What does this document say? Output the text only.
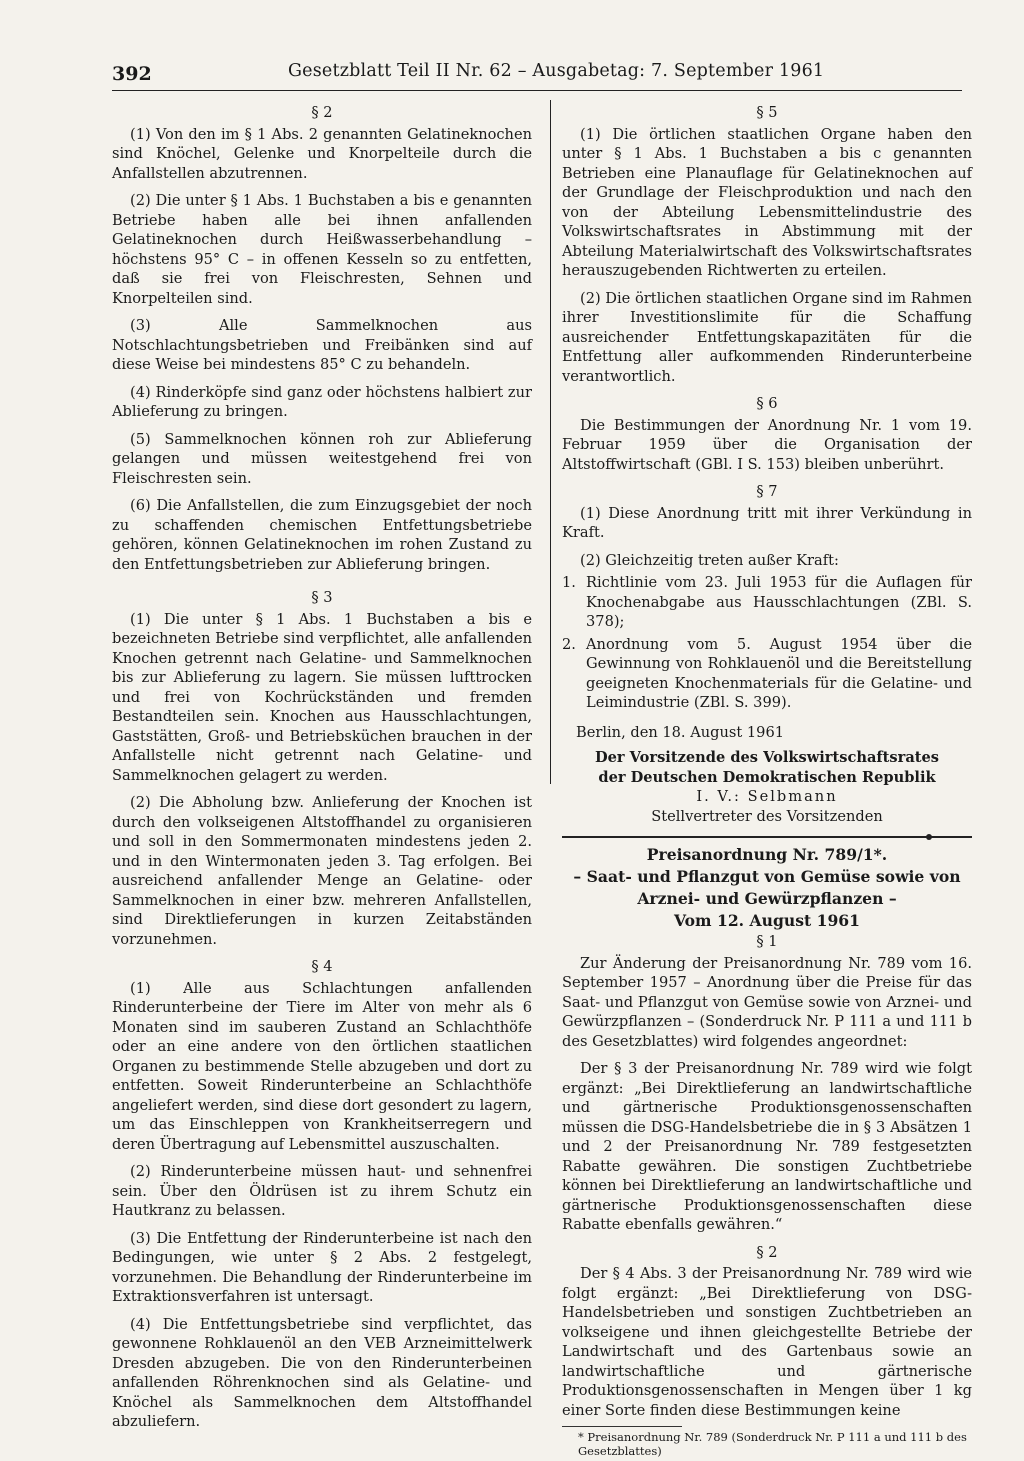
392	Gesetzblatt Teil II Nr. 62 – Ausgabetag: 7. September 1961
§ 2

(1) Von den im § 1 Abs. 2 genannten Gelatineknochen sind Knöchel, Gelenke und Knorpelteile durch die Anfallstellen abzutrennen.

(2) Die unter § 1 Abs. 1 Buchstaben a bis e genannten Betriebe haben alle bei ihnen anfallenden Gelatineknochen durch Heißwasserbehandlung – höchstens 95° C – in offenen Kesseln so zu entfetten, daß sie frei von Fleischresten, Sehnen und Knorpelteilen sind.

(3) Alle Sammelknochen aus Notschlachtungsbetrieben und Freibänken sind auf diese Weise bei mindestens 85° C zu behandeln.

(4) Rinderköpfe sind ganz oder höchstens halbiert zur Ablieferung zu bringen.

(5) Sammelknochen können roh zur Ablieferung gelangen und müssen weitestgehend frei von Fleischresten sein.

(6) Die Anfallstellen, die zum Einzugsgebiet der noch zu schaffenden chemischen Entfettungsbetriebe gehören, können Gelatineknochen im rohen Zustand zu den Entfettungsbetrieben zur Ablieferung bringen.

§ 3

(1) Die unter § 1 Abs. 1 Buchstaben a bis e bezeichneten Betriebe sind verpflichtet, alle anfallenden Knochen getrennt nach Gelatine- und Sammelknochen bis zur Ablieferung zu lagern. Sie müssen lufttrocken und frei von Kochrückständen und fremden Bestandteilen sein. Knochen aus Hausschlachtungen, Gaststätten, Groß- und Betriebsküchen brauchen in der Anfallstelle nicht getrennt nach Gelatine- und Sammelknochen gelagert zu werden.

(2) Die Abholung bzw. Anlieferung der Knochen ist durch den volkseigenen Altstoffhandel zu organisieren und soll in den Sommermonaten mindestens jeden 2. und in den Wintermonaten jeden 3. Tag erfolgen. Bei ausreichend anfallender Menge an Gelatine- oder Sammelknochen in einer bzw. mehreren Anfallstellen, sind Direktlieferungen in kurzen Zeitabständen vorzunehmen.

§ 4

(1) Alle aus Schlachtungen anfallenden Rinderunterbeine der Tiere im Alter von mehr als 6 Monaten sind im sauberen Zustand an Schlachthöfe oder an eine andere von den örtlichen staatlichen Organen zu bestimmende Stelle abzugeben und dort zu entfetten. Soweit Rinderunterbeine an Schlachthöfe angeliefert werden, sind diese dort gesondert zu lagern, um das Einschleppen von Krankheitserregern und deren Übertragung auf Lebensmittel auszuschalten.

(2) Rinderunterbeine müssen haut- und sehnenfrei sein. Über den Öldrüsen ist zu ihrem Schutz ein Hautkranz zu belassen.

(3) Die Entfettung der Rinderunterbeine ist nach den Bedingungen, wie unter § 2 Abs. 2 festgelegt, vorzunehmen. Die Behandlung der Rinderunterbeine im Extraktionsverfahren ist untersagt.

(4) Die Entfettungsbetriebe sind verpflichtet, das gewonnene Rohklauenöl an den VEB Arzneimittelwerk Dresden abzugeben. Die von den Rinderunterbeinen anfallenden Röhrenknochen sind als Gelatine- und Knöchel als Sammelknochen dem Altstoffhandel abzuliefern.

§ 5

(1) Die örtlichen staatlichen Organe haben den unter § 1 Abs. 1 Buchstaben a bis c genannten Betrieben eine Planauflage für Gelatineknochen auf der Grundlage der Fleischproduktion und nach den von der Abteilung Lebensmittelindustrie des Volkswirtschaftsrates in Abstimmung mit der Abteilung Materialwirtschaft des Volkswirtschaftsrates herauszugebenden Richtwerten zu erteilen.

(2) Die örtlichen staatlichen Organe sind im Rahmen ihrer Investitionslimite für die Schaffung ausreichender Entfettungskapazitäten für die Entfettung aller aufkommenden Rinderunterbeine verantwortlich.

§ 6

Die Bestimmungen der Anordnung Nr. 1 vom 19. Februar 1959 über die Organisation der Altstoffwirtschaft (GBl. I S. 153) bleiben unberührt.

§ 7

(1) Diese Anordnung tritt mit ihrer Verkündung in Kraft.

(2) Gleichzeitig treten außer Kraft:

1. Richtlinie vom 23. Juli 1953 für die Auflagen für Knochenabgabe aus Hausschlachtungen (ZBl. S. 378);
2. Anordnung vom 5. August 1954 über die Gewinnung von Rohklauenöl und die Bereitstellung geeigneten Knochenmaterials für die Gelatine- und Leimindustrie (ZBl. S. 399).
Berlin, den 18. August 1961
Der Vorsitzende des Volkswirtschaftsrates
der Deutschen Demokratischen Republik
I. V.: Selbmann
Stellvertreter des Vorsitzenden
Preisanordnung Nr. 789/1*.
– Saat- und Pflanzgut von Gemüse sowie von
Arznei- und Gewürzpflanzen –
Vom 12. August 1961
§ 1

Zur Änderung der Preisanordnung Nr. 789 vom 16. September 1957 – Anordnung über die Preise für das Saat- und Pflanzgut von Gemüse sowie von Arznei- und Gewürzpflanzen – (Sonderdruck Nr. P 111 a und 111 b des Gesetzblattes) wird folgendes angeordnet:

Der § 3 der Preisanordnung Nr. 789 wird wie folgt ergänzt: „Bei Direktlieferung an landwirtschaftliche und gärtnerische Produktionsgenossenschaften müssen die DSG-Handelsbetriebe die in § 3 Absätzen 1 und 2 der Preisanordnung Nr. 789 festgesetzten Rabatte gewähren. Die sonstigen Zuchtbetriebe können bei Direktlieferung an landwirtschaftliche und gärtnerische Produktionsgenossenschaften diese Rabatte ebenfalls gewähren.“

§ 2

Der § 4 Abs. 3 der Preisanordnung Nr. 789 wird wie folgt ergänzt: „Bei Direktlieferung von DSG-Handelsbetrieben und sonstigen Zuchtbetrieben an volkseigene und ihnen gleichgestellte Betriebe der Landwirtschaft und des Gartenbaus sowie an landwirtschaftliche und gärtnerische Produktionsgenossenschaften in Mengen über 1 kg einer Sorte finden diese Bestimmungen keine

* Preisanordnung Nr. 789 (Sonderdruck Nr. P 111 a und 111 b des Gesetzblattes)
